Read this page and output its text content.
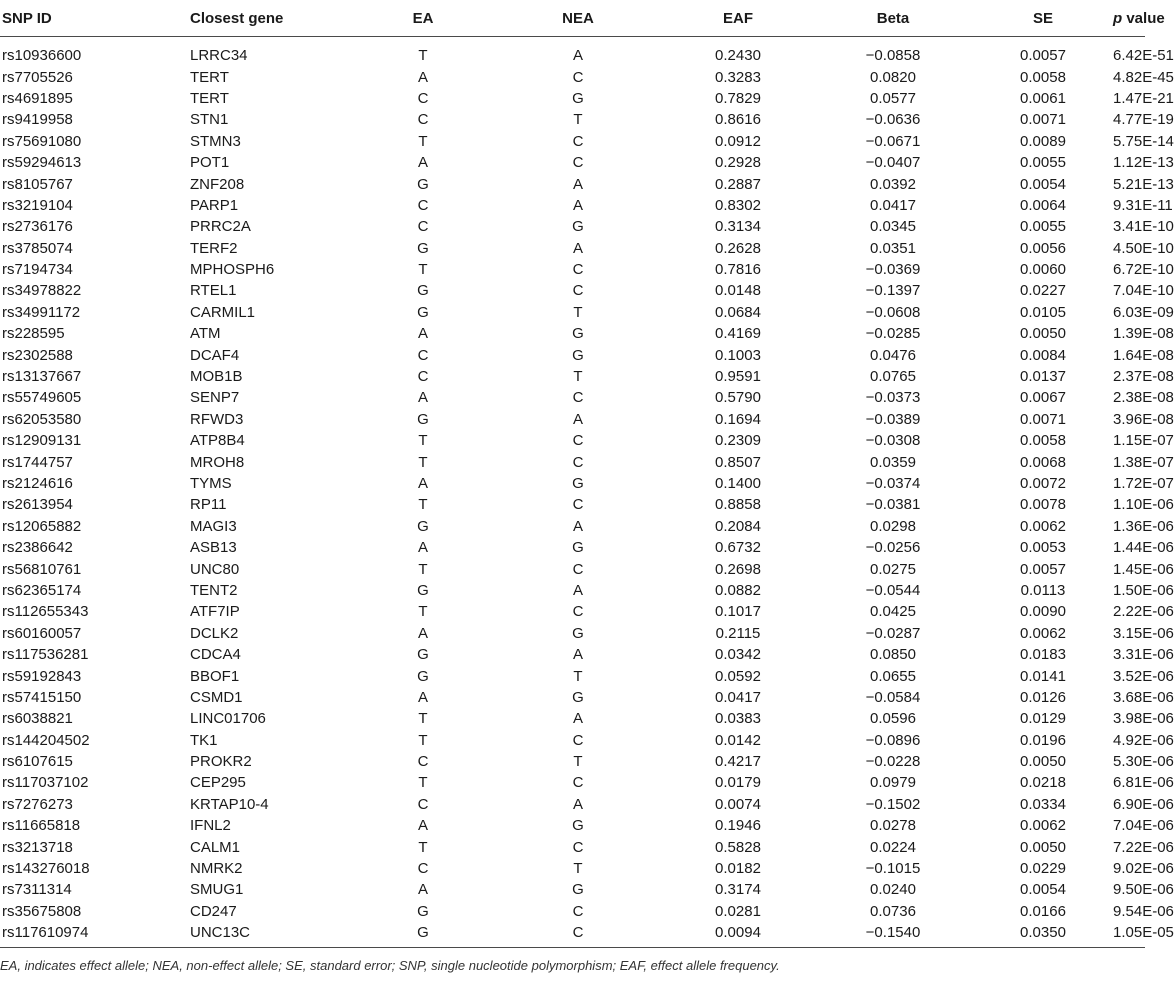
SNP ID	Closest gene	EA	NEA	EAF	Beta	SE	p value
rs10936600	LRRC34	T	A	0.2430	−0.0858	0.0057	6.42E-51
rs7705526	TERT	A	C	0.3283	0.0820	0.0058	4.82E-45
rs4691895	TERT	C	G	0.7829	0.0577	0.0061	1.47E-21
rs9419958	STN1	C	T	0.8616	−0.0636	0.0071	4.77E-19
rs75691080	STMN3	T	C	0.0912	−0.0671	0.0089	5.75E-14
rs59294613	POT1	A	C	0.2928	−0.0407	0.0055	1.12E-13
rs8105767	ZNF208	G	A	0.2887	0.0392	0.0054	5.21E-13
rs3219104	PARP1	C	A	0.8302	0.0417	0.0064	9.31E-11
rs2736176	PRRC2A	C	G	0.3134	0.0345	0.0055	3.41E-10
rs3785074	TERF2	G	A	0.2628	0.0351	0.0056	4.50E-10
rs7194734	MPHOSPH6	T	C	0.7816	−0.0369	0.0060	6.72E-10
rs34978822	RTEL1	G	C	0.0148	−0.1397	0.0227	7.04E-10
rs34991172	CARMIL1	G	T	0.0684	−0.0608	0.0105	6.03E-09
rs228595	ATM	A	G	0.4169	−0.0285	0.0050	1.39E-08
rs2302588	DCAF4	C	G	0.1003	0.0476	0.0084	1.64E-08
rs13137667	MOB1B	C	T	0.9591	0.0765	0.0137	2.37E-08
rs55749605	SENP7	A	C	0.5790	−0.0373	0.0067	2.38E-08
rs62053580	RFWD3	G	A	0.1694	−0.0389	0.0071	3.96E-08
rs12909131	ATP8B4	T	C	0.2309	−0.0308	0.0058	1.15E-07
rs1744757	MROH8	T	C	0.8507	0.0359	0.0068	1.38E-07
rs2124616	TYMS	A	G	0.1400	−0.0374	0.0072	1.72E-07
rs2613954	RP11	T	C	0.8858	−0.0381	0.0078	1.10E-06
rs12065882	MAGI3	G	A	0.2084	0.0298	0.0062	1.36E-06
rs2386642	ASB13	A	G	0.6732	−0.0256	0.0053	1.44E-06
rs56810761	UNC80	T	C	0.2698	0.0275	0.0057	1.45E-06
rs62365174	TENT2	G	A	0.0882	−0.0544	0.0113	1.50E-06
rs112655343	ATF7IP	T	C	0.1017	0.0425	0.0090	2.22E-06
rs60160057	DCLK2	A	G	0.2115	−0.0287	0.0062	3.15E-06
rs117536281	CDCA4	G	A	0.0342	0.0850	0.0183	3.31E-06
rs59192843	BBOF1	G	T	0.0592	0.0655	0.0141	3.52E-06
rs57415150	CSMD1	A	G	0.0417	−0.0584	0.0126	3.68E-06
rs6038821	LINC01706	T	A	0.0383	0.0596	0.0129	3.98E-06
rs144204502	TK1	T	C	0.0142	−0.0896	0.0196	4.92E-06
rs6107615	PROKR2	C	T	0.4217	−0.0228	0.0050	5.30E-06
rs117037102	CEP295	T	C	0.0179	0.0979	0.0218	6.81E-06
rs7276273	KRTAP10-4	C	A	0.0074	−0.1502	0.0334	6.90E-06
rs11665818	IFNL2	A	G	0.1946	0.0278	0.0062	7.04E-06
rs3213718	CALM1	T	C	0.5828	0.0224	0.0050	7.22E-06
rs143276018	NMRK2	C	T	0.0182	−0.1015	0.0229	9.02E-06
rs7311314	SMUG1	A	G	0.3174	0.0240	0.0054	9.50E-06
rs35675808	CD247	G	C	0.0281	0.0736	0.0166	9.54E-06
rs117610974	UNC13C	G	C	0.0094	−0.1540	0.0350	1.05E-05
EA, indicates effect allele; NEA, non-effect allele; SE, standard error; SNP, single nucleotide polymorphism; EAF, effect allele frequency.
